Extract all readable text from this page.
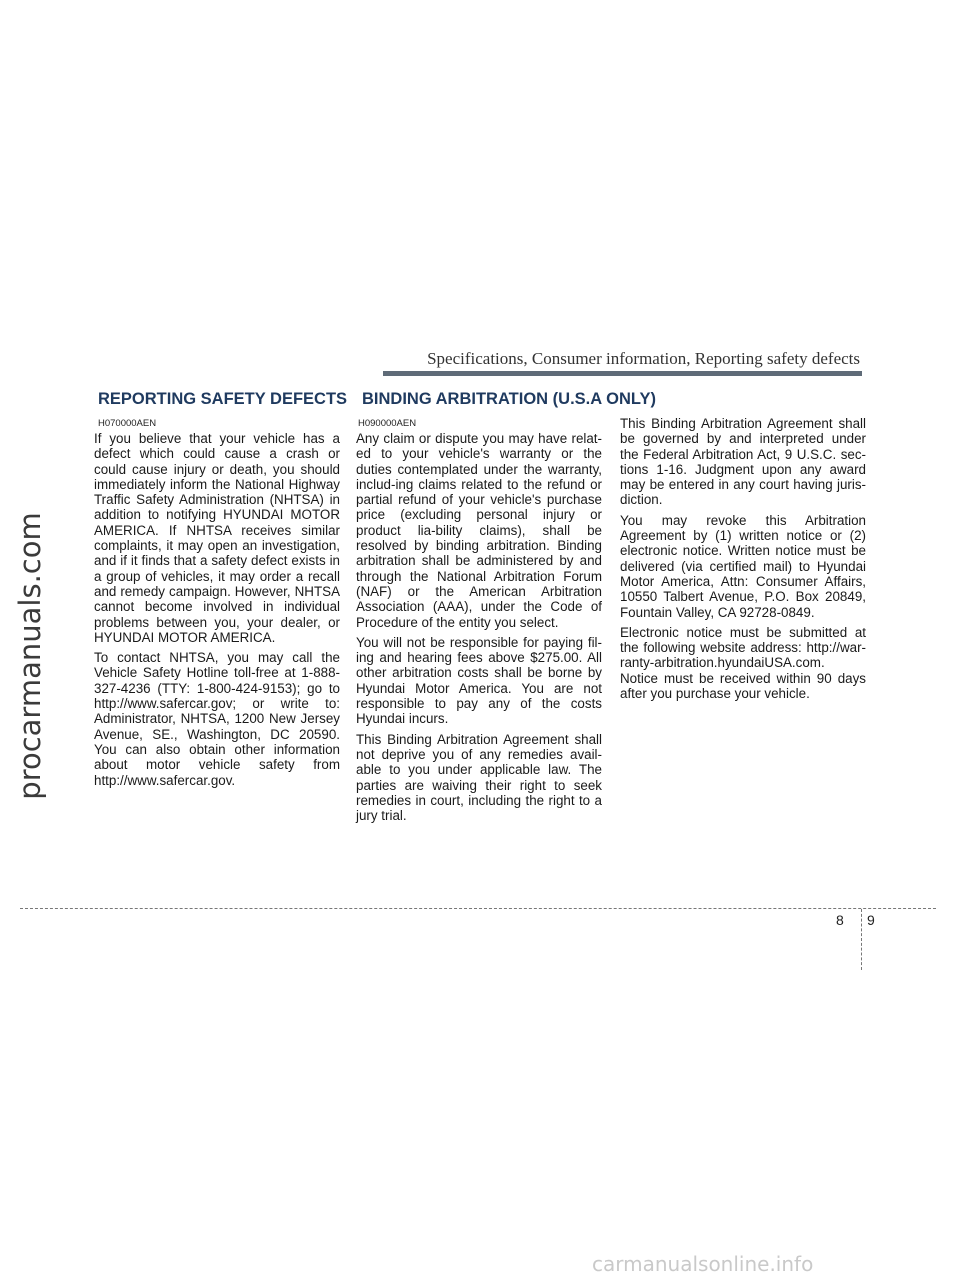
procarmanuals.com
Specifications, Consumer information, Reporting safety defects
REPORTING SAFETY DEFECTS BINDING ARBITRATION (U.S.A ONLY)
H070000AEN	H090000AEN

If you believe that your vehicle has a defect which could cause a crash or could cause injury or death, you should immediately inform the National Highway Traffic Safety Administration (NHTSA) in addition to notifying HYUNDAI MOTOR AMERICA. If NHTSA receives similar complaints, it may open an investigation, and if it finds that a safety defect exists in a group of vehicles, it may order a recall and remedy campaign. However, NHTSA cannot become involved in individual problems between you, your dealer, or HYUNDAI MOTOR AMERICA.

To contact NHTSA, you may call the Vehicle Safety Hotline toll-free at 1-888-327-4236 (TTY: 1-800-424-9153); go to http://www.safercar.gov; or write to: Administrator, NHTSA, 1200 New Jersey Avenue, SE., Washington, DC 20590. You can also obtain other information about motor vehicle safety from http://www.safercar.gov.

Any claim or dispute you may have relat-ed to your vehicle's warranty or the duties contemplated under the warranty, includ-ing claims related to the refund or partial refund of your vehicle's purchase price (excluding personal injury or product lia-bility claims), shall be resolved by binding arbitration. Binding arbitration shall be administered by and through the National Arbitration Forum (NAF) or the American Arbitration Association (AAA), under the Code of Procedure of the entity you select.

You will not be responsible for paying fil-ing and hearing fees above $275.00. All other arbitration costs shall be borne by Hyundai Motor America. You are not responsible to pay any of the costs Hyundai incurs.

This Binding Arbitration Agreement shall not deprive you of any remedies avail-able to you under applicable law. The parties are waiving their right to seek remedies in court, including the right to a jury trial.

This Binding Arbitration Agreement shall be governed by and interpreted under the Federal Arbitration Act, 9 U.S.C. sec-tions 1-16. Judgment upon any award may be entered in any court having juris-diction.

You may revoke this Arbitration Agreement by (1) written notice or (2) electronic notice. Written notice must be delivered (via certified mail) to Hyundai Motor America, Attn: Consumer Affairs, 10550 Talbert Avenue, P.O. Box 20849, Fountain Valley, CA 92728-0849.

Electronic notice must be submitted at the following website address: http://war-ranty-arbitration.hyundaiUSA.com. Notice must be received within 90 days after you purchase your vehicle.

8 9
carmanualsonline.info
